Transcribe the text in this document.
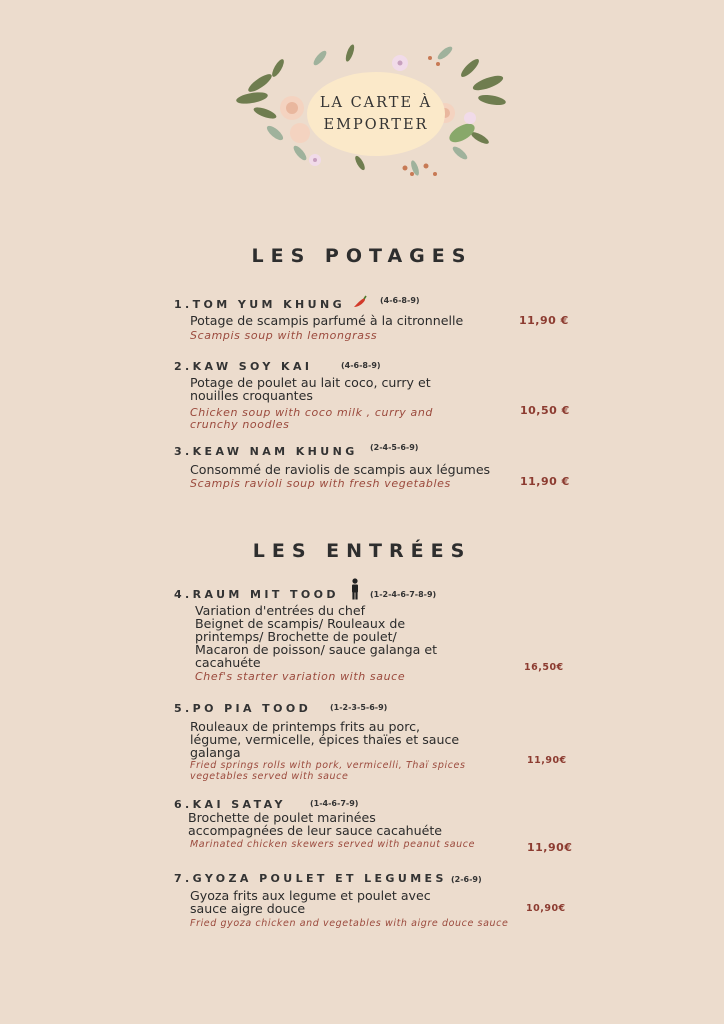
LA CARTE À
EMPORTER
LES POTAGES
1.TOM YUM KHUNG	(4-6-8-9)
Potage de scampis parfumé à la citronnelle
Scampis soup with lemongrass
11,90 €
2.KAW SOY KAI	(4-6-8-9)
Potage de poulet au lait coco, curry et
nouilles croquantes
Chicken soup with coco milk , curry and
crunchy noodles
10,50 €
3.KEAW NAM KHUNG (2-4-5-6-9)
Consommé de raviolis de scampis aux légumes
Scampis ravioli soup with fresh vegetables	11,90 €
LES ENTRÉES
4.RAUM MIT TOOD	(1-2-4-6-7-8-9)
Variation d'entrées du chef
Beignet de scampis/ Rouleaux de
printemps/ Brochette de poulet/
Macaron de poisson/ sauce galanga et
cacahuéte
Chef's starter variation with sauce
16,50€
5.PO PIA TOOD (1-2-3-5-6-9)
Rouleaux de printemps frits au porc,
légume, vermicelle, épices thaïes et sauce
galanga
Fried springs rolls with pork, vermicelli, Thaï spices
vegetables served with sauce
11,90€
6.KAI SATAY	(1-4-6-7-9)
Brochette de poulet marinées
accompagnées de leur sauce cacahuéte
Marinated chicken skewers served with peanut sauce	11,90€
7.GYOZA POULET ET LEGUMES (2-6-9)
Gyoza frits aux legume et poulet avec
sauce aigre douce
Fried gyoza chicken and vegetables with aigre douce sauce
10,90€
